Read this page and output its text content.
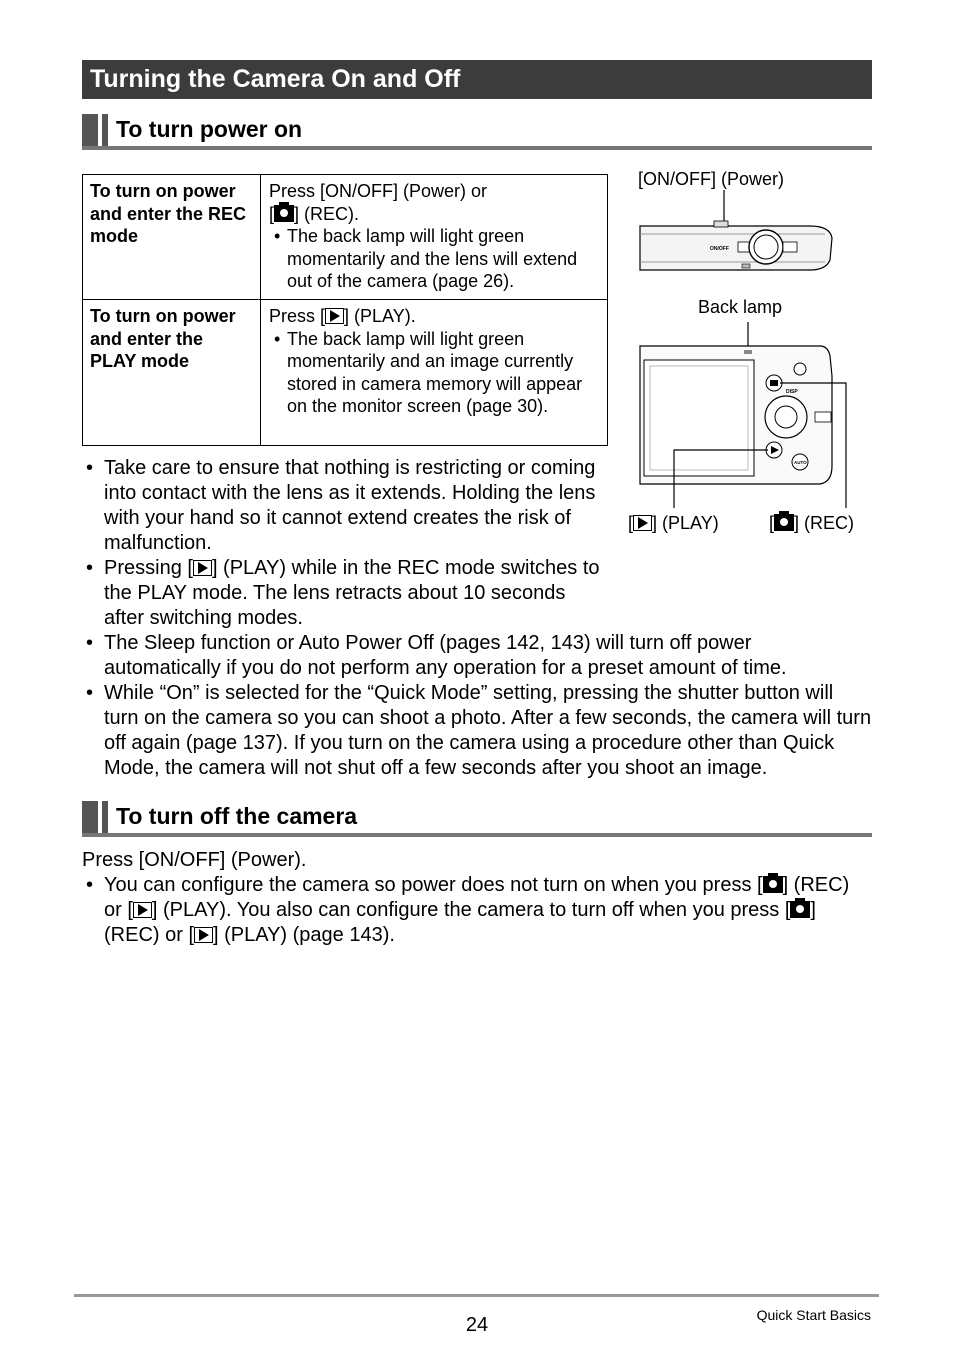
Turning the Camera On and Off
To turn power on
To turn on power and enter the REC mode	Press [ON/OFF] (Power) or
[ ] (REC).
• The back lamp will light green momentarily and the lens will extend out of the camera (page 26).

To turn on power and enter the PLAY mode	Press [ ] (PLAY).
• The back lamp will light green momentarily and an image currently stored in camera memory will appear on the monitor screen (page 30).
[ON/OFF] (Power)
Back lamp
[ ] (PLAY)	[ ] (REC)
ON/OFF
DISP
AUTO
• Take care to ensure that nothing is restricting or coming into contact with the lens as it extends. Holding the lens with your hand so it cannot extend creates the risk of malfunction.
• Pressing [ ] (PLAY) while in the REC mode switches to the PLAY mode. The lens retracts about 10 seconds after switching modes.
• The Sleep function or Auto Power Off (pages 142, 143) will turn off power automatically if you do not perform any operation for a preset amount of time.
• While “On” is selected for the “Quick Mode” setting, pressing the shutter button will turn on the camera so you can shoot a photo. After a few seconds, the camera will turn off again (page 137). If you turn on the camera using a procedure other than Quick Mode, the camera will not shut off a few seconds after you shoot an image.
To turn off the camera
Press [ON/OFF] (Power).
• You can configure the camera so power does not turn on when you press [ ] (REC) or [ ] (PLAY). You also can configure the camera to turn off when you press [ ] (REC) or [ ] (PLAY) (page 143).
24	Quick Start Basics
